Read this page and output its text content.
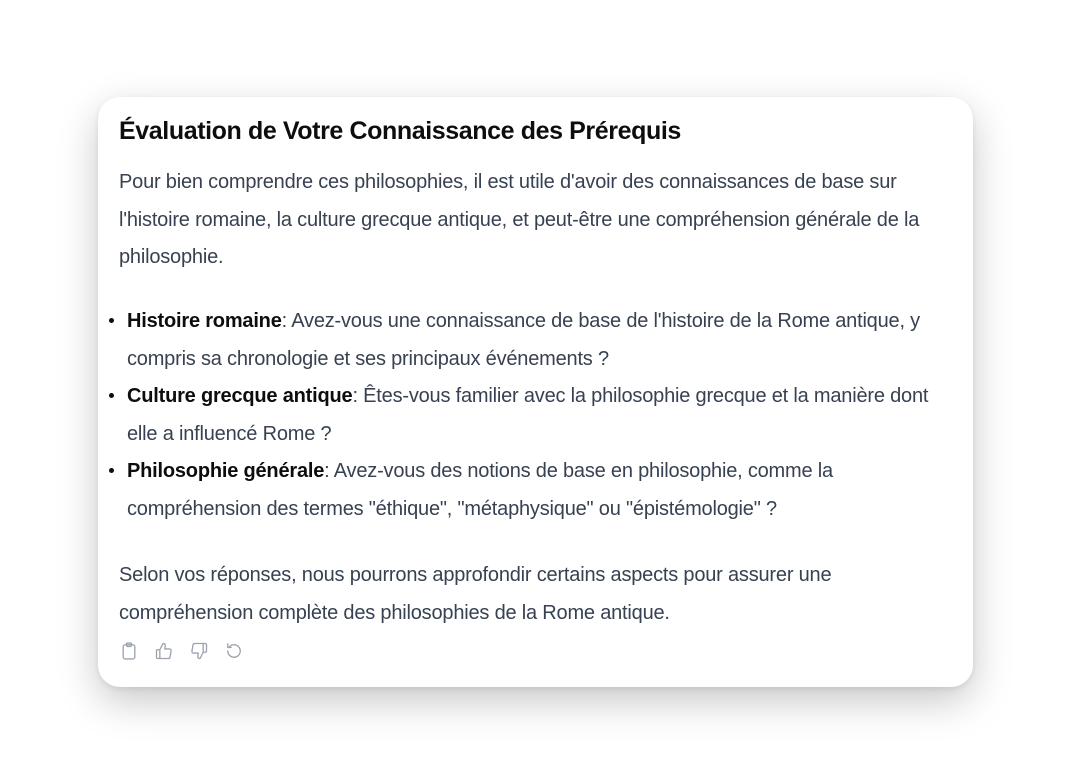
Évaluation de Votre Connaissance des Prérequis

Pour bien comprendre ces philosophies, il est utile d'avoir des connaissances de base sur l'histoire romaine, la culture grecque antique, et peut-être une compréhension générale de la philosophie.

Histoire romaine: Avez-vous une connaissance de base de l'histoire de la Rome antique, y compris sa chronologie et ses principaux événements ?
Culture grecque antique: Êtes-vous familier avec la philosophie grecque et la manière dont elle a influencé Rome ?
Philosophie générale: Avez-vous des notions de base en philosophie, comme la compréhension des termes "éthique", "métaphysique" ou "épistémologie" ?

Selon vos réponses, nous pourrons approfondir certains aspects pour assurer une compréhension complète des philosophies de la Rome antique.
